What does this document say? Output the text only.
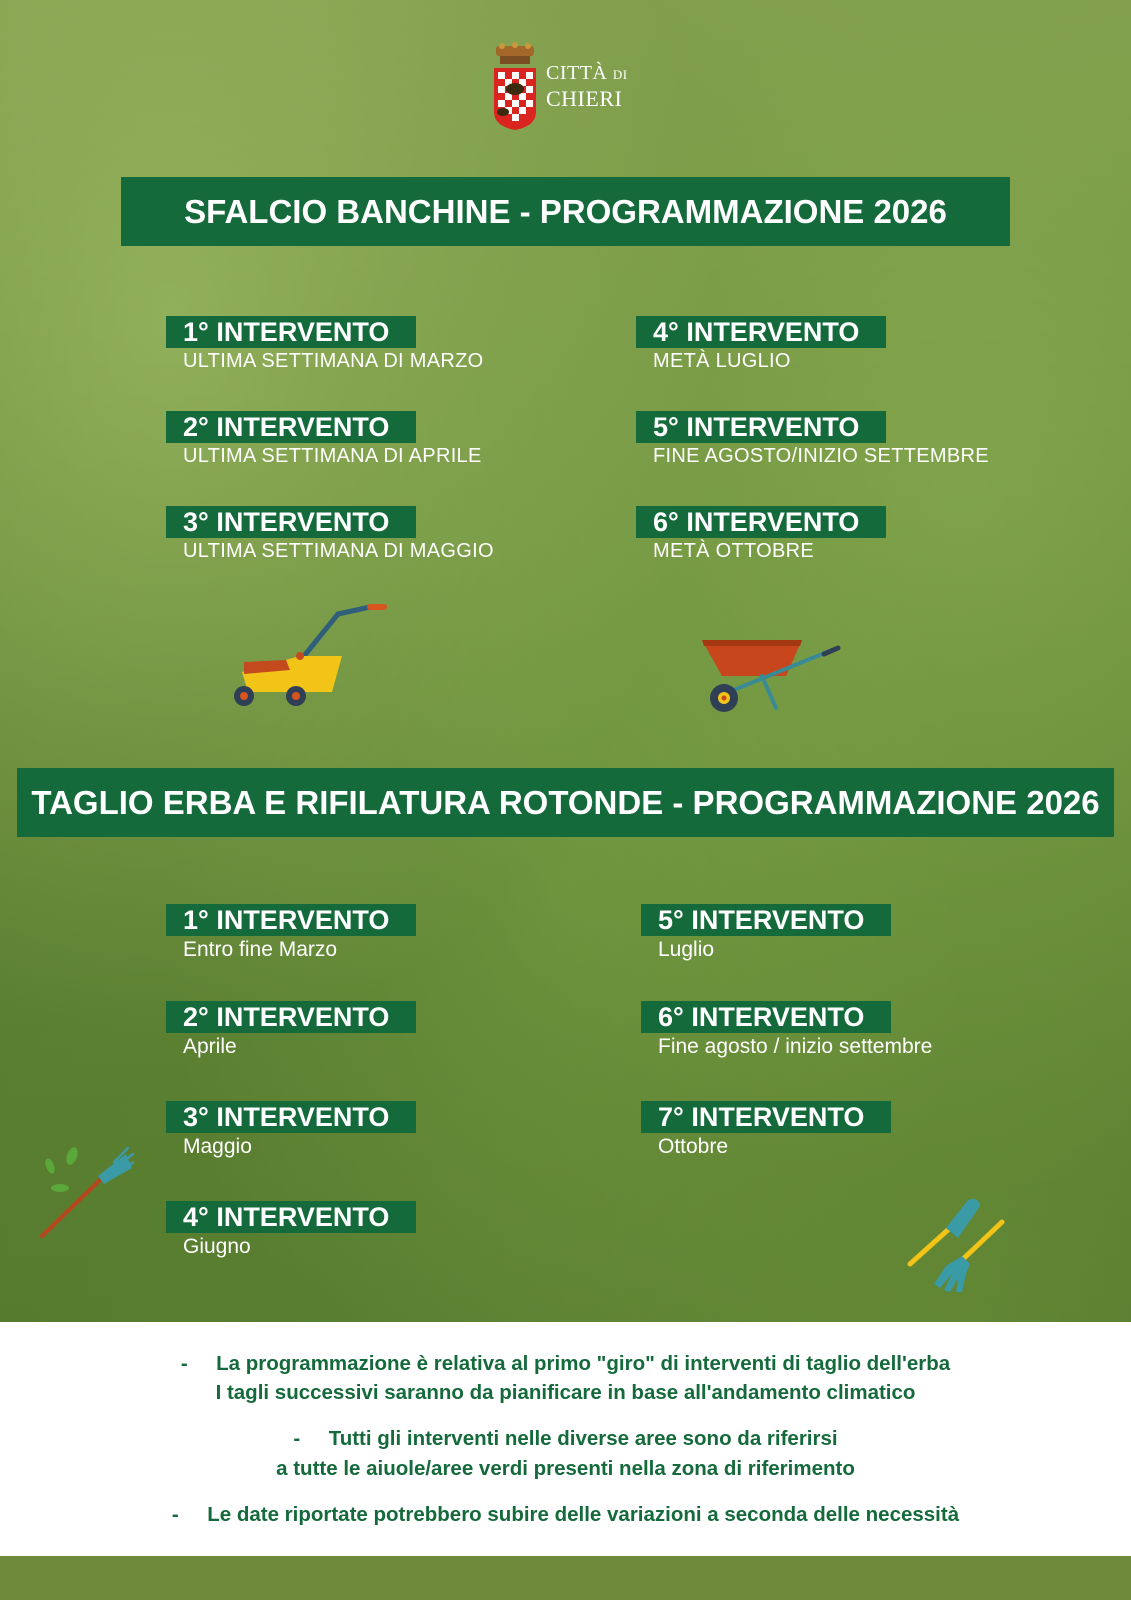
CITTÀ DI
CHIERI
SFALCIO BANCHINE - PROGRAMMAZIONE 2026
1° INTERVENTO
ULTIMA SETTIMANA DI MARZO
2° INTERVENTO
ULTIMA SETTIMANA DI APRILE
3° INTERVENTO
ULTIMA SETTIMANA DI MAGGIO
4° INTERVENTO
METÀ LUGLIO
5° INTERVENTO
FINE AGOSTO/INIZIO SETTEMBRE
6° INTERVENTO
METÀ OTTOBRE
TAGLIO ERBA E RIFILATURA ROTONDE - PROGRAMMAZIONE 2026
1° INTERVENTO
Entro fine Marzo
2° INTERVENTO
Aprile
3° INTERVENTO
Maggio
4° INTERVENTO
Giugno
5° INTERVENTO
Luglio
6° INTERVENTO
Fine agosto / inizio settembre
7° INTERVENTO
Ottobre
-     La programmazione è relativa al primo "giro" di interventi di taglio dell'erba
I tagli successivi saranno da pianificare in base all'andamento climatico
-     Tutti gli interventi nelle diverse aree sono da riferirsi
a tutte le aiuole/aree verdi presenti nella zona di riferimento
-     Le date riportate potrebbero subire delle variazioni a seconda delle necessità
